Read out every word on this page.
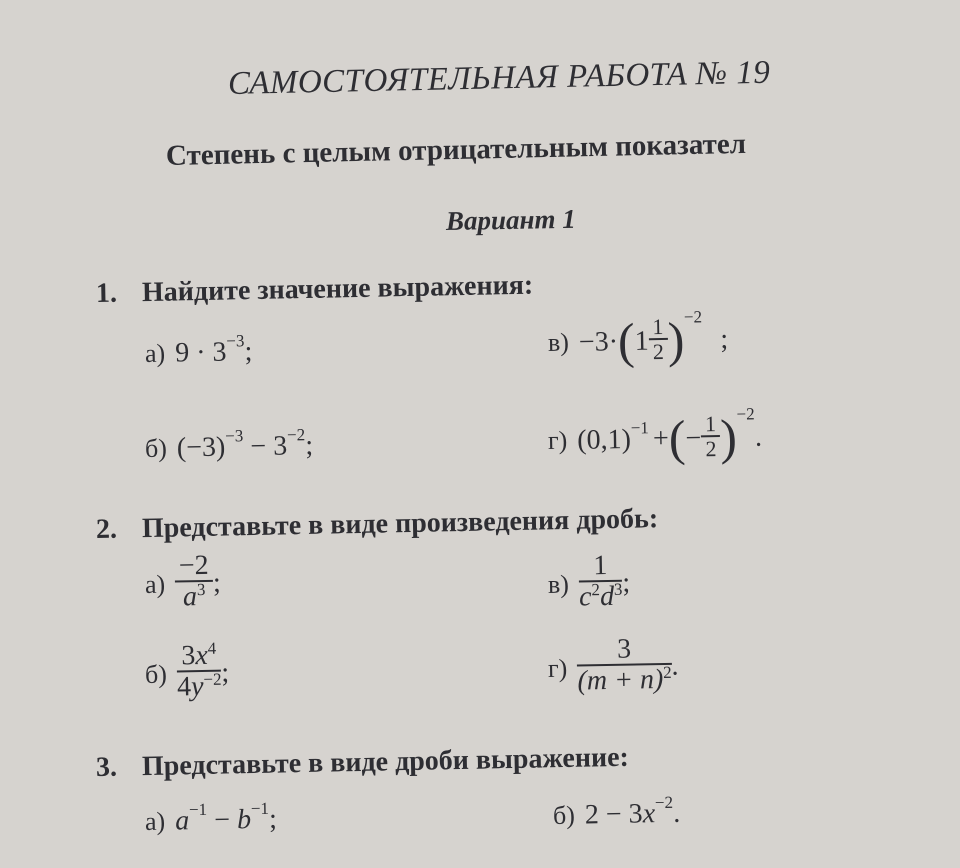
САМОСТОЯТЕЛЬНАЯ РАБОТА № 19
Степень с целым отрицательным показател
Вариант 1
1. Найдите значение выражения:
а) $9 \cdot 3^{-3}$;
б) $(-3)^{-3} - 3^{-2}$;
$в) -3\cdot(1 \frac{1}{2} )^{-2}$;
г) $(0,1)^{-1}$ +(− $\frac{1}{2} )^{-2}$.
2. Представьте в виде произведения дробь:
$а) \frac{-2}{a^3}$ ;
$б) \frac{3x^4}{4y^{-2}}$ ;
$в) \frac{1}{c^2d^3}$ ;
$г) \frac{3}{(m + n)^2}$ .
3. Представьте в виде дроби выражение:
а) $a^{-1} - b^{-1}$;	б) $2 - 3x^{-2}$.
